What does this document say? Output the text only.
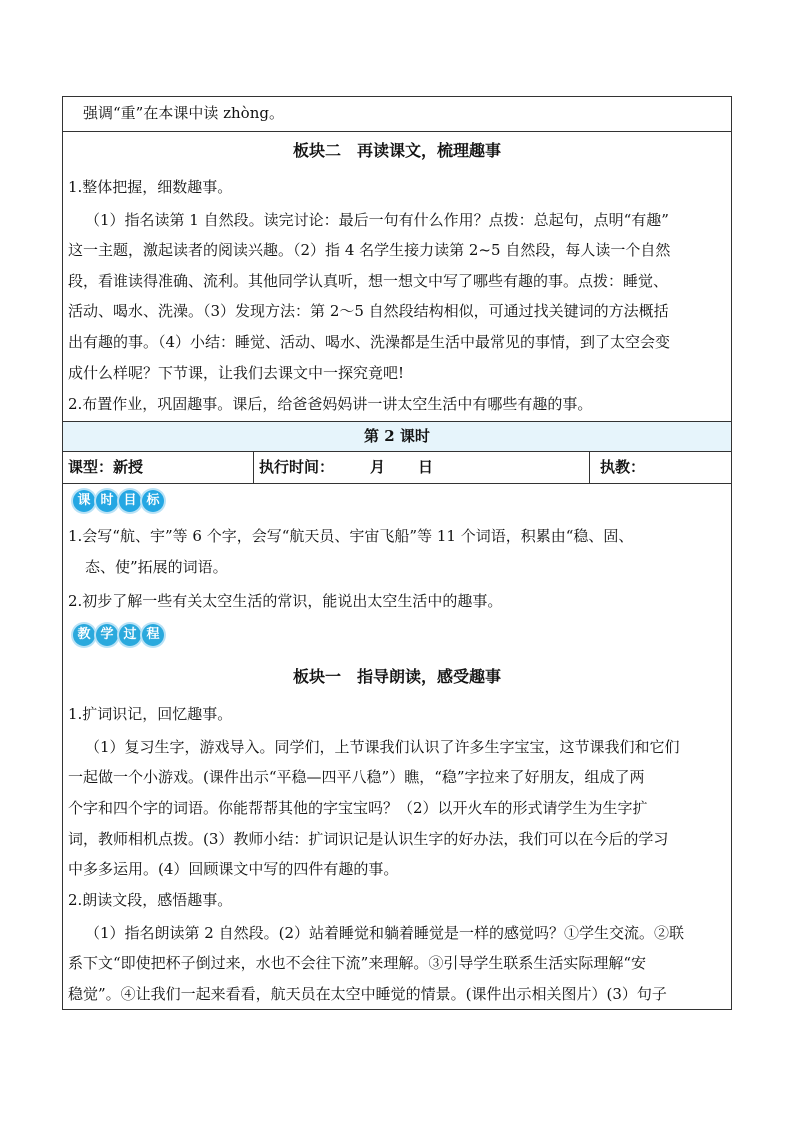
强调“重”在本课中读 zhòng。
板块二　再读课文，梳理趣事
1.整体把握，细数趣事。
（1）指名读第 1 自然段。读完讨论：最后一句有什么作用？点拨：总起句，点明“有趣”
这一主题，激起读者的阅读兴趣。（2）指 4 名学生接力读第 2~5 自然段，每人读一个自然
段，看谁读得准确、流利。其他同学认真听，想一想文中写了哪些有趣的事。点拨：睡觉、
活动、喝水、洗澡。（3）发现方法：第 2～5 自然段结构相似，可通过找关键词的方法概括
出有趣的事。（4）小结：睡觉、活动、喝水、洗澡都是生活中最常见的事情，到了太空会变
成什么样呢？下节课，让我们去课文中一探究竟吧!
2.布置作业，巩固趣事。课后，给爸爸妈妈讲一讲太空生活中有哪些有趣的事。
第 2 课时
课型：新授	执行时间： 月 日	执教：
课 时 目 标
1.会写“航、宇”等 6 个字，会写“航天员、宇宙飞船”等 11 个词语，积累由“稳、固、
态、使”拓展的词语。
2.初步了解一些有关太空生活的常识，能说出太空生活中的趣事。
教 学 过 程
板块一　指导朗读，感受趣事
1.扩词识记，回忆趣事。
（1）复习生字，游戏导入。同学们，上节课我们认识了许多生字宝宝，这节课我们和它们
一起做一个小游戏。(课件出示“平稳—四平八稳”）瞧，“稳”字拉来了好朋友，组成了两
个字和四个字的词语。你能帮帮其他的字宝宝吗？（2）以开火车的形式请学生为生字扩
词，教师相机点拨。(3）教师小结：扩词识记是认识生字的好办法，我们可以在今后的学习
中多多运用。(4）回顾课文中写的四件有趣的事。
2.朗读文段，感悟趣事。
（1）指名朗读第 2 自然段。(2）站着睡觉和躺着睡觉是一样的感觉吗？①学生交流。②联
系下文“即使把杯子倒过来，水也不会往下流”来理解。③引导学生联系生活实际理解“安
稳觉”。④让我们一起来看看，航天员在太空中睡觉的情景。(课件出示相关图片）(3）句子
